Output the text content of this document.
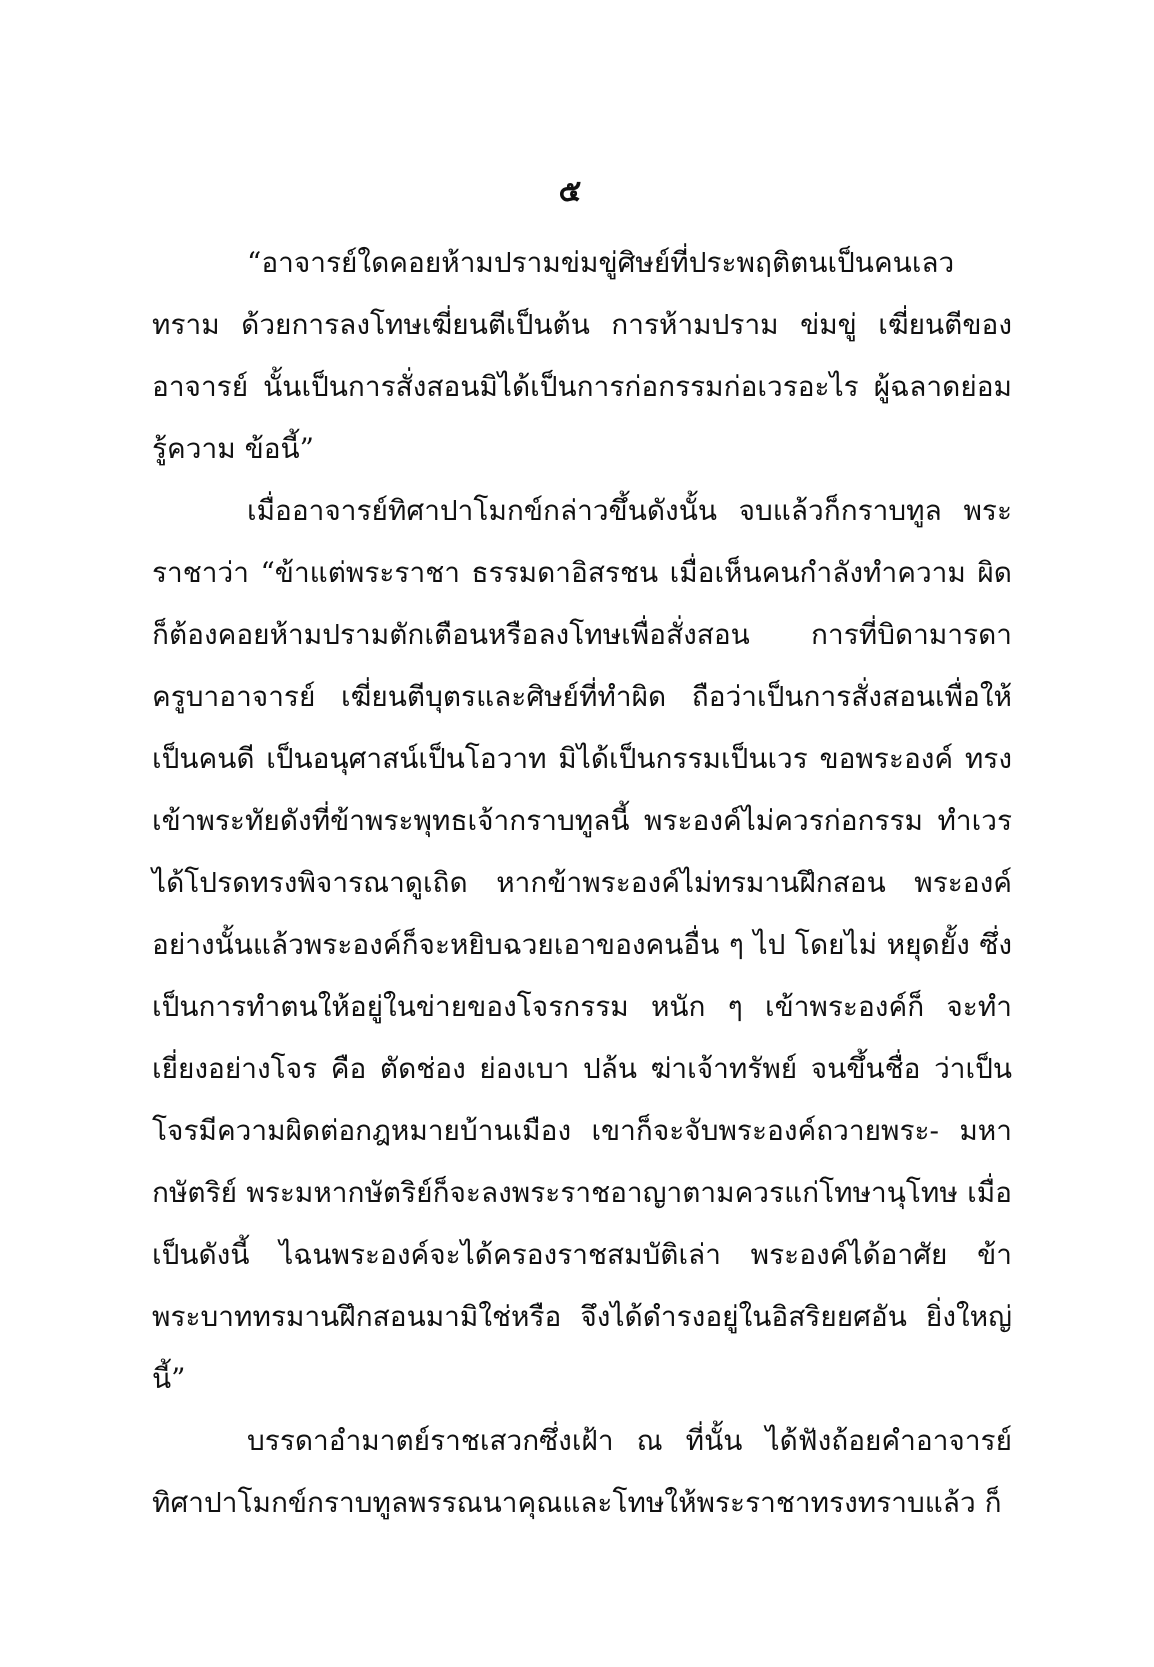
๕

“อาจารย์ใดคอยห้ามปรามข่มขู่ศิษย์ที่ประพฤติตนเป็นคนเลวทราม ด้วยการลงโทษเฆี่ยนตีเป็นต้น การห้ามปราม ข่มขู่ เฆี่ยนตีของอาจารย์ นั้นเป็นการสั่งสอนมิได้เป็นการก่อกรรมก่อเวรอะไร ผู้ฉลาดย่อมรู้ความ ข้อนี้”

เมื่ออาจารย์ทิศาปาโมกข์กล่าวขึ้นดังนั้น จบแล้วก็กราบทูล พระราชาว่า “ข้าแต่พระราชา ธรรมดาอิสรชน เมื่อเห็นคนกำลังทำความ ผิด ก็ต้องคอยห้ามปรามตักเตือนหรือลงโทษเพื่อสั่งสอน การที่บิดามารดา ครูบาอาจารย์ เฆี่ยนตีบุตรและศิษย์ที่ทำผิด ถือว่าเป็นการสั่งสอนเพื่อให้ เป็นคนดี เป็นอนุศาสน์เป็นโอวาท มิได้เป็นกรรมเป็นเวร ขอพระองค์ ทรงเข้าพระทัยดังที่ข้าพระพุทธเจ้ากราบทูลนี้ พระองค์ไม่ควรก่อกรรม ทำเวร ได้โปรดทรงพิจารณาดูเถิด หากข้าพระองค์ไม่ทรมานฝึกสอน พระองค์อย่างนั้นแล้วพระองค์ก็จะหยิบฉวยเอาของคนอื่น ๆ ไป โดยไม่ หยุดยั้ง ซึ่งเป็นการทำตนให้อยู่ในข่ายของโจรกรรม หนัก ๆ เข้าพระองค์ก็ จะทำเยี่ยงอย่างโจร คือ ตัดช่อง ย่องเบา ปล้น ฆ่าเจ้าทรัพย์ จนขึ้นชื่อ ว่าเป็นโจรมีความผิดต่อกฎหมายบ้านเมือง เขาก็จะจับพระองค์ถวายพระ- มหากษัตริย์ พระมหากษัตริย์ก็จะลงพระราชอาญาตามควรแก่โทษานุโทษ เมื่อเป็นดังนี้ ไฉนพระองค์จะได้ครองราชสมบัติเล่า พระองค์ได้อาศัย ข้าพระบาททรมานฝึกสอนมามิใช่หรือ จึงได้ดำรงอยู่ในอิสริยยศอัน ยิ่งใหญ่นี้”

บรรดาอำมาตย์ราชเสวกซึ่งเฝ้า ณ ที่นั้น ได้ฟังถ้อยคำอาจารย์ ทิศาปาโมกข์กราบทูลพรรณนาคุณและโทษให้พระราชาทรงทราบแล้ว ก็
